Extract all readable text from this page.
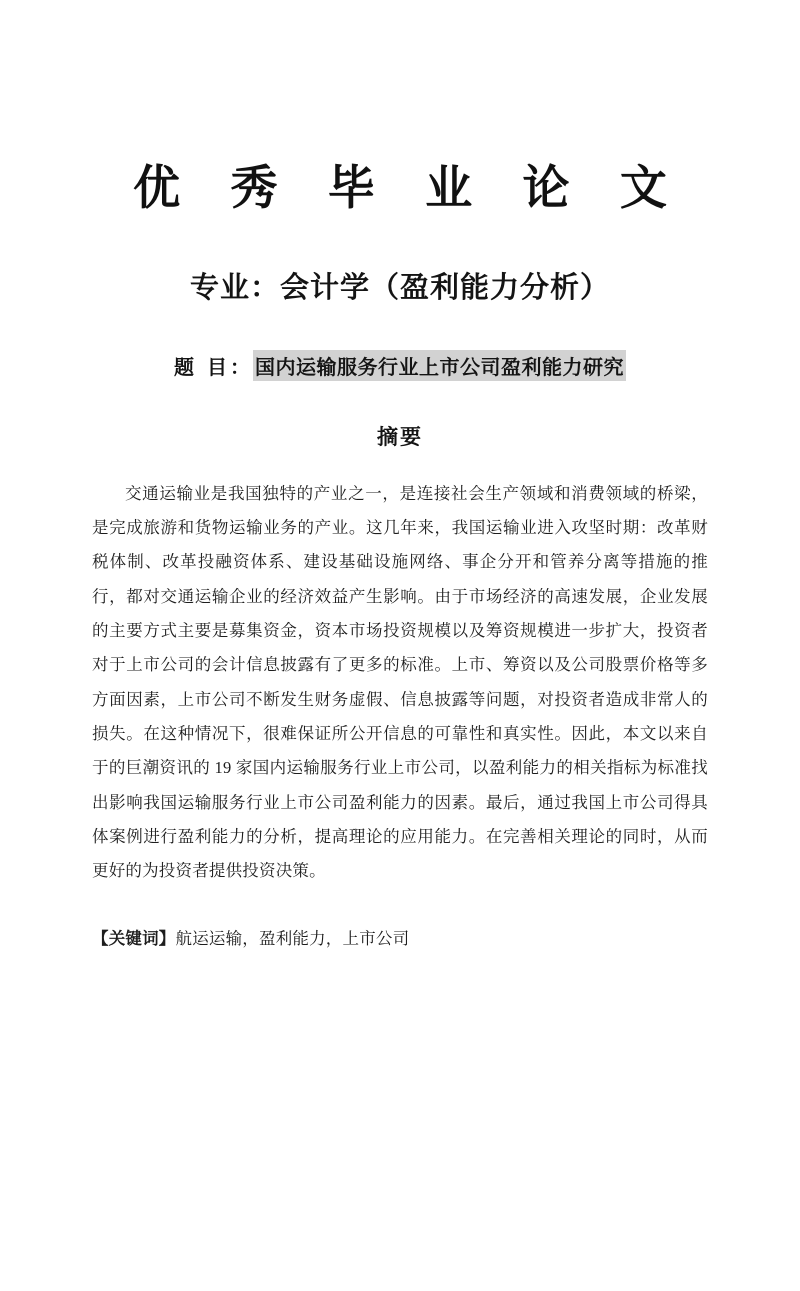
优 秀 毕 业 论 文
专业：会计学（盈利能力分析）
题 目： 国内运输服务行业上市公司盈利能力研究
摘要
交通运输业是我国独特的产业之一，是连接社会生产领域和消费领域的桥梁，是完成旅游和货物运输业务的产业。这几年来，我国运输业进入攻坚时期：改革财税体制、改革投融资体系、建设基础设施网络、事企分开和管养分离等措施的推行，都对交通运输企业的经济效益产生影响。由于市场经济的高速发展，企业发展的主要方式主要是募集资金，资本市场投资规模以及筹资规模进一步扩大，投资者对于上市公司的会计信息披露有了更多的标准。上市、筹资以及公司股票价格等多方面因素，上市公司不断发生财务虚假、信息披露等问题，对投资者造成非常人的损失。在这种情况下，很难保证所公开信息的可靠性和真实性。因此，本文以来自于的巨潮资讯的 19 家国内运输服务行业上市公司，以盈利能力的相关指标为标准找出影响我国运输服务行业上市公司盈利能力的因素。最后，通过我国上市公司得具体案例进行盈利能力的分析，提高理论的应用能力。在完善相关理论的同时，从而更好的为投资者提供投资决策。
【关键词】航运运输，盈利能力，上市公司
